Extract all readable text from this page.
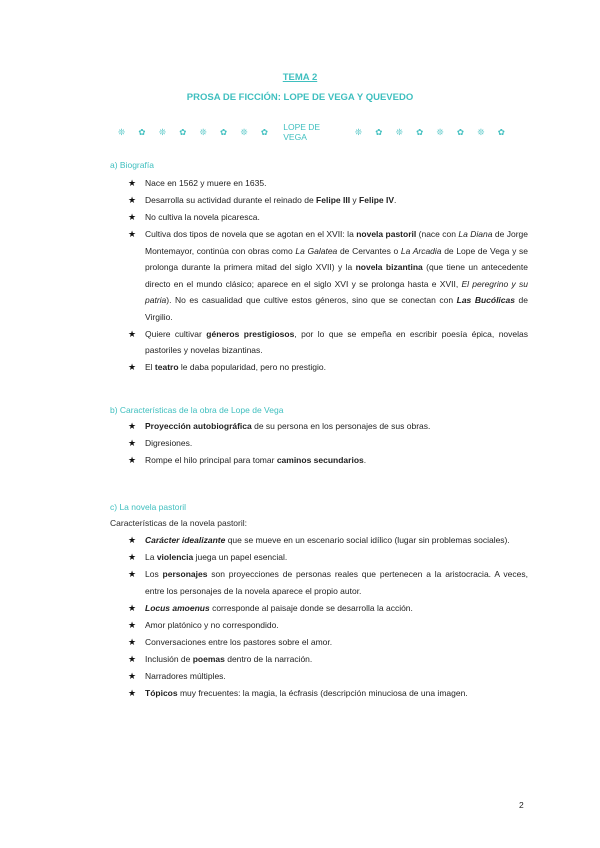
TEMA 2
PROSA DE FICCIÓN: LOPE DE VEGA Y QUEVEDO
❊	✿	❊	✿	❊	✿	❊	✿	LOPE DE VEGA
❊	✿	❊	✿	❊	✿	❊	✿
a) Biografía
★ Nace en 1562 y muere en 1635.
★ Desarrolla su actividad durante el reinado de Felipe III y Felipe IV.
★ No cultiva la novela picaresca.
★ Cultiva dos tipos de novela que se agotan en el XVII: la novela pastoril (nace con La Diana de Jorge Montemayor, continúa con obras como La Galatea de Cervantes o La Arcadia de Lope de Vega y se prolonga durante la primera mitad del siglo XVII) y la novela bizantina (que tiene un antecedente directo en el mundo clásico; aparece en el siglo XVI y se prolonga hasta e XVII, El peregrino y su patria). No es casualidad que cultive estos géneros, sino que se conectan con Las Bucólicas de Virgilio.
★ Quiere cultivar géneros prestigiosos, por lo que se empeña en escribir poesía épica, novelas pastoriles y novelas bizantinas.
★ El teatro le daba popularidad, pero no prestigio.
b) Características de la obra de Lope de Vega
★ Proyección autobiográfica de su persona en los personajes de sus obras.
★ Digresiones.
★ Rompe el hilo principal para tomar caminos secundarios.
c) La novela pastoril
Características de la novela pastoril:
★ Carácter idealizante que se mueve en un escenario social idílico (lugar sin problemas sociales).
★ La violencia juega un papel esencial.
★ Los personajes son proyecciones de personas reales que pertenecen a la aristocracia. A veces, entre los personajes de la novela aparece el propio autor.
★ Locus amoenus corresponde al paisaje donde se desarrolla la acción.
★ Amor platónico y no correspondido.
★ Conversaciones entre los pastores sobre el amor.
★ Inclusión de poemas dentro de la narración.
★ Narradores múltiples.
★ Tópicos muy frecuentes: la magia, la écfrasis (descripción minuciosa de una imagen.
2
